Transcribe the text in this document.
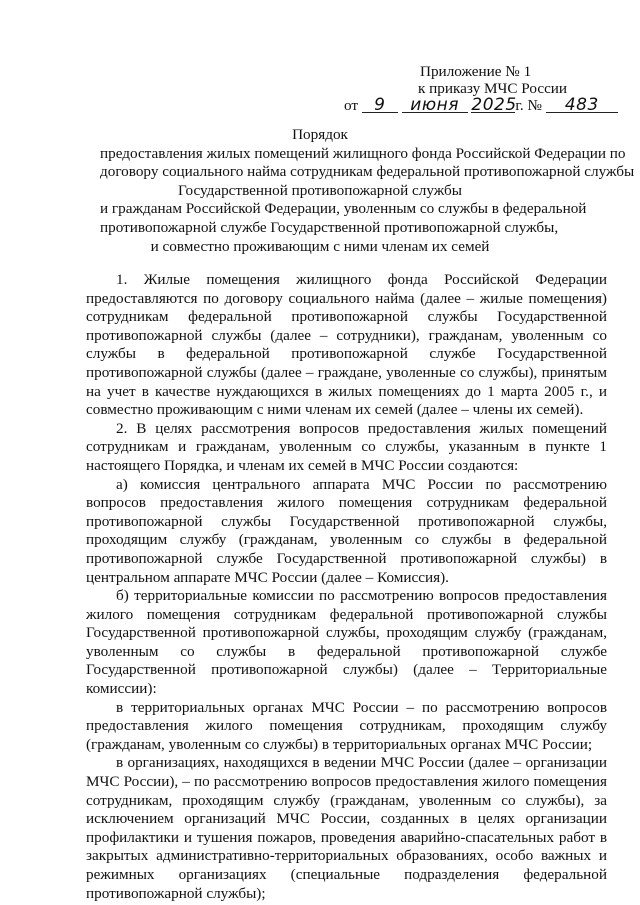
Приложение № 1
к приказу МЧС России
от 9 июня 2025г. № 483
Порядок
предоставления жилых помещений жилищного фонда Российской Федерации по
договору социального найма сотрудникам федеральной противопожарной службы
Государственной противопожарной службы
и гражданам Российской Федерации, уволенным со службы в федеральной
противопожарной службе Государственной противопожарной службы,
и совместно проживающим с ними членам их семей

1. Жилые помещения жилищного фонда Российской Федерации предоставляются по договору социального найма (далее – жилые помещения) сотрудникам федеральной противопожарной службы Государственной противопожарной службы (далее – сотрудники), гражданам, уволенным со службы в федеральной противопожарной службе Государственной противопожарной службы (далее – граждане, уволенные со службы), принятым на учет в качестве нуждающихся в жилых помещениях до 1 марта 2005 г., и совместно проживающим с ними членам их семей (далее – члены их семей).

2. В целях рассмотрения вопросов предоставления жилых помещений сотрудникам и гражданам, уволенным со службы, указанным в пункте 1 настоящего Порядка, и членам их семей в МЧС России создаются:

а) комиссия центрального аппарата МЧС России по рассмотрению вопросов предоставления жилого помещения сотрудникам федеральной противопожарной службы Государственной противопожарной службы, проходящим службу (гражданам, уволенным со службы в федеральной противопожарной службе Государственной противопожарной службы) в центральном аппарате МЧС России (далее – Комиссия).

б) территориальные комиссии по рассмотрению вопросов предоставления жилого помещения сотрудникам федеральной противопожарной службы Государственной противопожарной службы, проходящим службу (гражданам, уволенным со службы в федеральной противопожарной службе Государственной противопожарной службы) (далее – Территориальные комиссии):

в территориальных органах МЧС России – по рассмотрению вопросов предоставления жилого помещения сотрудникам, проходящим службу (гражданам, уволенным со службы) в территориальных органах МЧС России;

в организациях, находящихся в ведении МЧС России (далее – организации МЧС России), – по рассмотрению вопросов предоставления жилого помещения сотрудникам, проходящим службу (гражданам, уволенным со службы), за исключением организаций МЧС России, созданных в целях организации профилактики и тушения пожаров, проведения аварийно-спасательных работ в закрытых административно-территориальных образованиях, особо важных и режимных организациях (специальные подразделения федеральной противопожарной службы);
